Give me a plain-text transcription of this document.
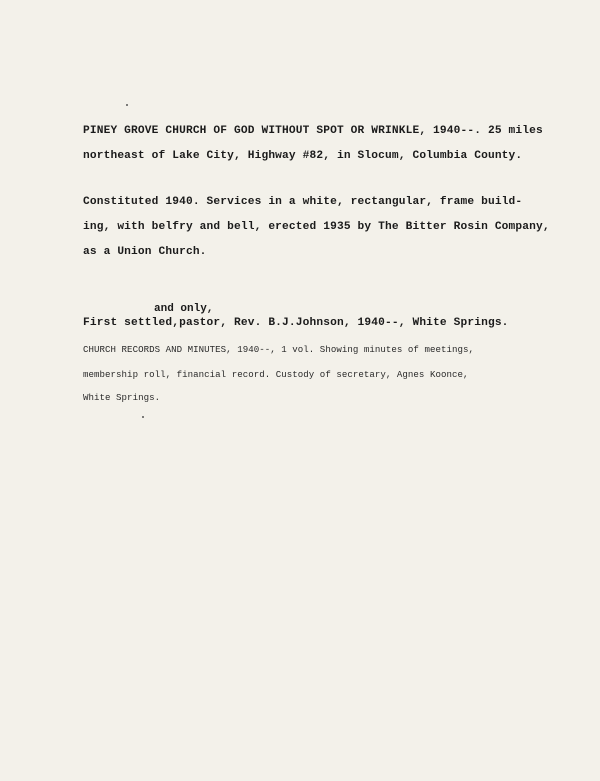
PINEY GROVE CHURCH OF GOD WITHOUT SPOT OR WRINKLE, 1940--. 25 miles
northeast of Lake City, Highway #82, in Slocum, Columbia County.
Constituted 1940. Services in a white, rectangular, frame build-
ing, with belfry and bell, erected 1935 by The Bitter Rosin Company,
as a Union Church.
and only,
First settled,pastor, Rev. B.J.Johnson, 1940--, White Springs.
CHURCH RECORDS AND MINUTES, 1940--, 1 vol. Showing minutes of meetings,
membership roll, financial record. Custody of secretary, Agnes Koonce,
White Springs.
